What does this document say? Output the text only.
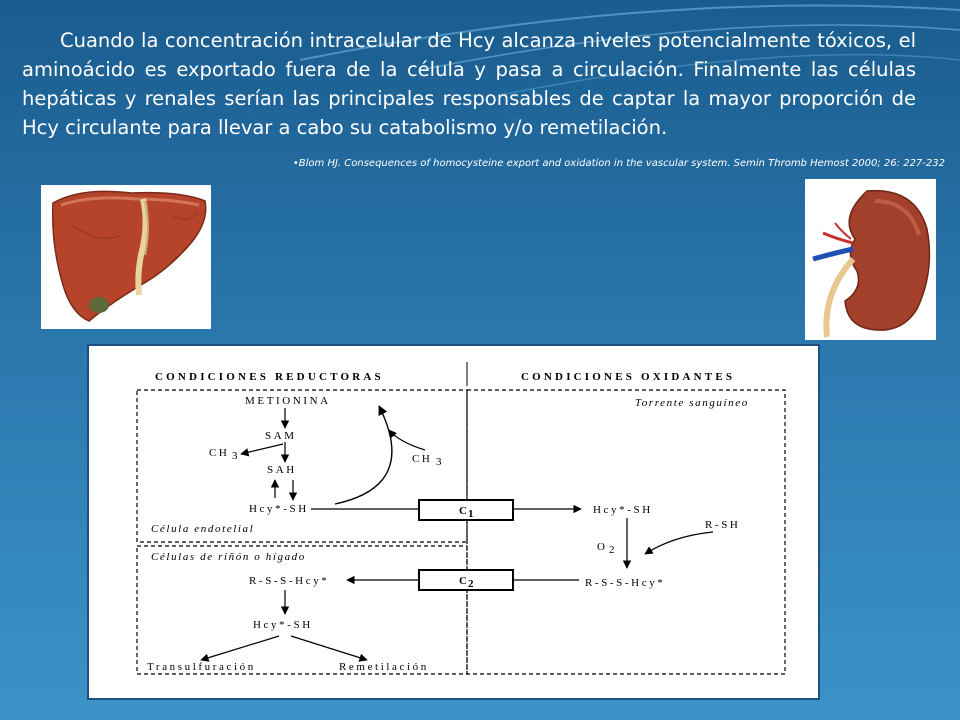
Cuando la concentración intracelular de Hcy alcanza niveles potencialmente tóxicos, el aminoácido es exportado fuera de la célula y pasa a circulación. Finalmente las células hepáticas y renales serían las principales responsables de captar la mayor proporción de Hcy circulante para llevar a cabo su catabolismo y/o remetilación.

•Blom HJ. Consequences of homocysteine export and oxidation in the vascular system. Semin Thromb Hemost 2000; 26: 227-232
CONDICIONES REDUCTORAS	CONDICIONES OXIDANTES
METIONINA
SAM
SAH
CH 3	CH 3
Hcy*-SH
Célula endotelial
Torrente sanguíneo
C 1	Hcy*-SH
R-SH
O 2
Células de riñón o hígado
R-S-S-Hcy*	R-S-S-Hcy*
C 2
Hcy*-SH
Transulfuración	Remetilación
